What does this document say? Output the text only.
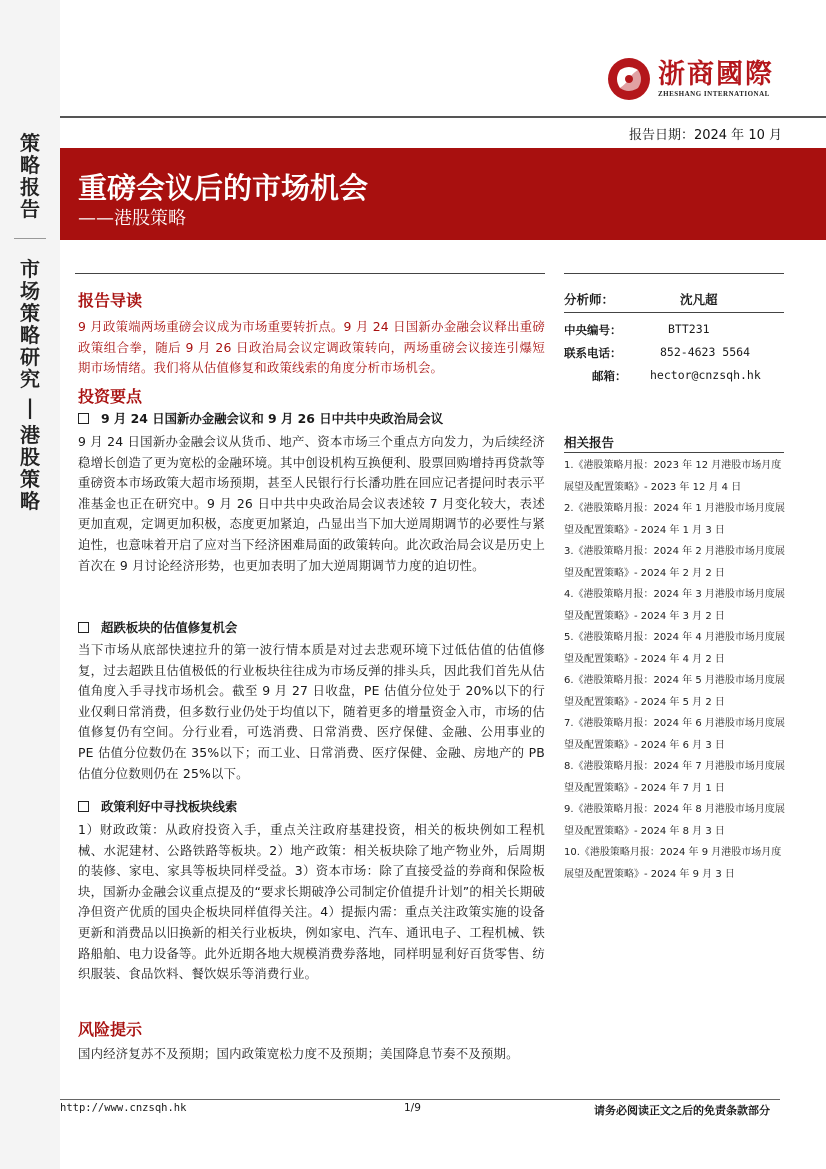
策
略
报
告
市
场
策
略
研
究
|
港
股
策
略
浙商國際
ZHESHANG INTERNATIONAL
报告日期：2024 年 10 月
重磅会议后的市场机会
——港股策略
报告导读
9 月政策端两场重磅会议成为市场重要转折点。9 月 24 日国新办金融会议释出重磅政策组合拳，随后 9 月 26 日政治局会议定调政策转向，两场重磅会议接连引爆短期市场情绪。我们将从估值修复和政策线索的角度分析市场机会。
投资要点
9 月 24 日国新办金融会议和 9 月 26 日中共中央政治局会议
9 月 24 日国新办金融会议从货币、地产、资本市场三个重点方向发力，为后续经济稳增长创造了更为宽松的金融环境。其中创设机构互换便利、股票回购增持再贷款等重磅资本市场政策大超市场预期，甚至人民银行行长潘功胜在回应记者提问时表示平准基金也正在研究中。9 月 26 日中共中央政治局会议表述较 7 月变化较大，表述更加直观，定调更加积极，态度更加紧迫，凸显出当下加大逆周期调节的必要性与紧迫性，也意味着开启了应对当下经济困难局面的政策转向。此次政治局会议是历史上首次在 9 月讨论经济形势，也更加表明了加大逆周期调节力度的迫切性。
超跌板块的估值修复机会
当下市场从底部快速拉升的第一波行情本质是对过去悲观环境下过低估值的估值修复，过去超跌且估值极低的行业板块往往成为市场反弹的排头兵，因此我们首先从估值角度入手寻找市场机会。截至 9 月 27 日收盘，PE 估值分位处于 20%以下的行业仅剩日常消费，但多数行业仍处于均值以下，随着更多的增量资金入市，市场的估值修复仍有空间。分行业看，可选消费、日常消费、医疗保健、金融、公用事业的 PE 估值分位数仍在 35%以下；而工业、日常消费、医疗保健、金融、房地产的 PB 估值分位数则仍在 25%以下。
政策利好中寻找板块线索
1）财政政策：从政府投资入手，重点关注政府基建投资，相关的板块例如工程机械、水泥建材、公路铁路等板块。2）地产政策：相关板块除了地产物业外，后周期的装修、家电、家具等板块同样受益。3）资本市场：除了直接受益的券商和保险板块，国新办金融会议重点提及的“要求长期破净公司制定价值提升计划”的相关长期破净但资产优质的国央企板块同样值得关注。4）提振内需：重点关注政策实施的设备更新和消费品以旧换新的相关行业板块，例如家电、汽车、通讯电子、工程机械、铁路船舶、电力设备等。此外近期各地大规模消费券落地，同样明显利好百货零售、纺织服装、食品饮料、餐饮娱乐等消费行业。
风险提示
国内经济复苏不及预期；国内政策宽松力度不及预期；美国降息节奏不及预期。
分析师：	沈凡超
中央编号：	BTT231
联系电话：	852-4623 5564
邮箱： hector@cnzsqh.hk
相关报告
1.《港股策略月报：2023 年 12 月港股市场月度展望及配置策略》- 2023 年 12 月 4 日
2.《港股策略月报：2024 年 1 月港股市场月度展望及配置策略》- 2024 年 1 月 3 日
3.《港股策略月报：2024 年 2 月港股市场月度展望及配置策略》- 2024 年 2 月 2 日
4.《港股策略月报：2024 年 3 月港股市场月度展望及配置策略》- 2024 年 3 月 2 日
5.《港股策略月报：2024 年 4 月港股市场月度展望及配置策略》- 2024 年 4 月 2 日
6.《港股策略月报：2024 年 5 月港股市场月度展望及配置策略》- 2024 年 5 月 2 日
7.《港股策略月报：2024 年 6 月港股市场月度展望及配置策略》- 2024 年 6 月 3 日
8.《港股策略月报：2024 年 7 月港股市场月度展望及配置策略》- 2024 年 7 月 1 日
9.《港股策略月报：2024 年 8 月港股市场月度展望及配置策略》- 2024 年 8 月 3 日
10.《港股策略月报：2024 年 9 月港股市场月度展望及配置策略》- 2024 年 9 月 3 日
http://www.cnzsqh.hk	1/9	请务必阅读正文之后的免责条款部分
